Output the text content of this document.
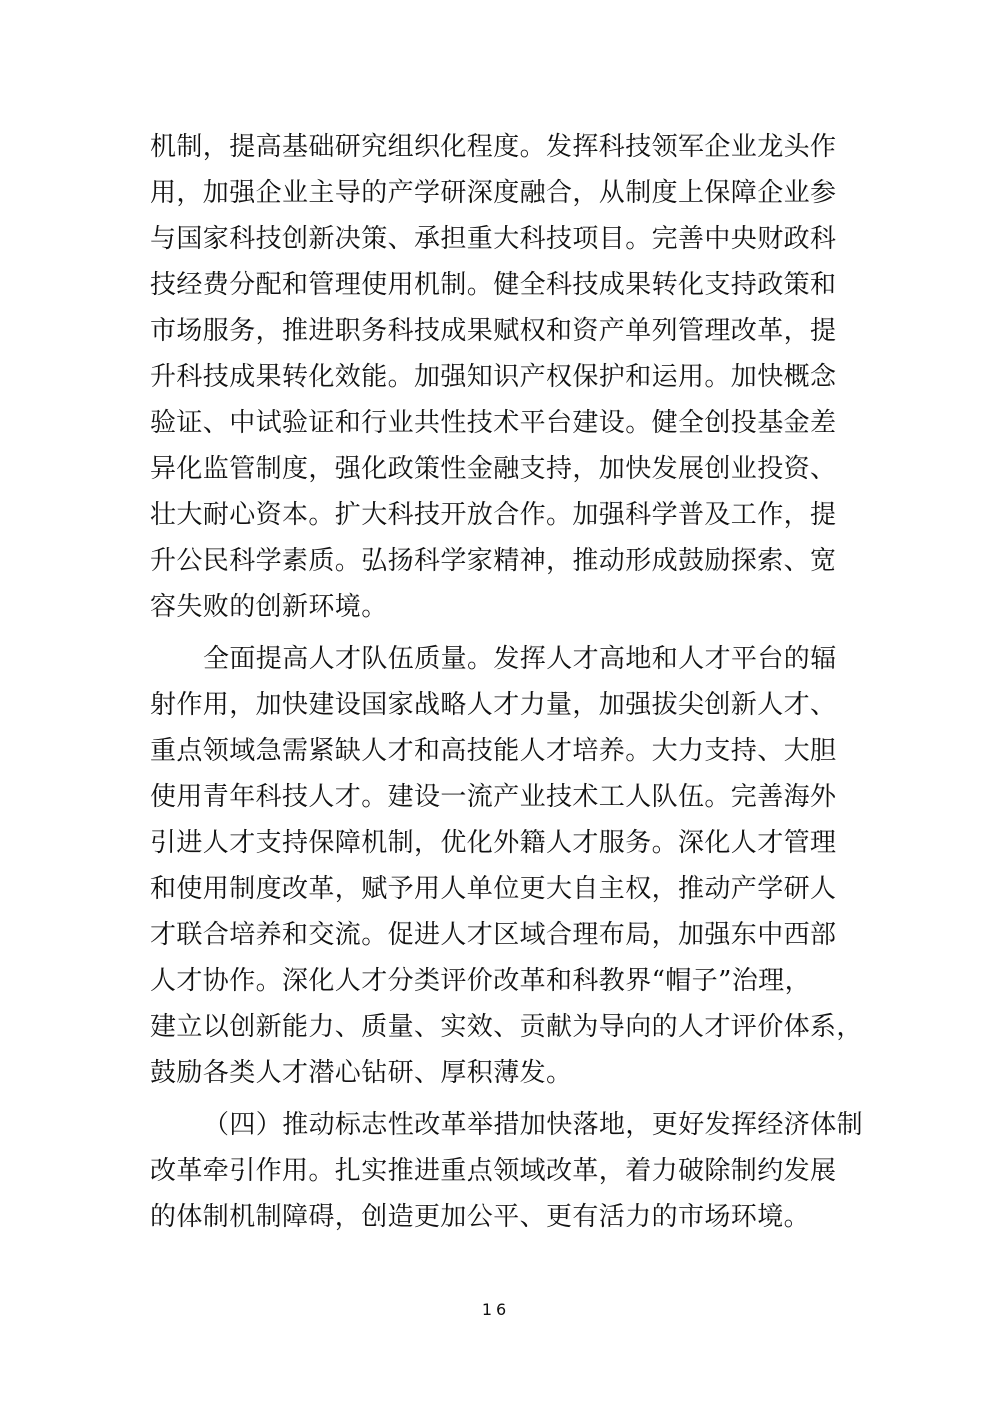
机制，提高基础研究组织化程度。发挥科技领军企业龙头作
用，加强企业主导的产学研深度融合，从制度上保障企业参
与国家科技创新决策、承担重大科技项目。完善中央财政科
技经费分配和管理使用机制。健全科技成果转化支持政策和
市场服务，推进职务科技成果赋权和资产单列管理改革，提
升科技成果转化效能。加强知识产权保护和运用。加快概念
验证、中试验证和行业共性技术平台建设。健全创投基金差
异化监管制度，强化政策性金融支持，加快发展创业投资、
壮大耐心资本。扩大科技开放合作。加强科学普及工作，提
升公民科学素质。弘扬科学家精神，推动形成鼓励探索、宽
容失败的创新环境。
全面提高人才队伍质量。发挥人才高地和人才平台的辐
射作用，加快建设国家战略人才力量，加强拔尖创新人才、
重点领域急需紧缺人才和高技能人才培养。大力支持、大胆
使用青年科技人才。建设一流产业技术工人队伍。完善海外
引进人才支持保障机制，优化外籍人才服务。深化人才管理
和使用制度改革，赋予用人单位更大自主权，推动产学研人
才联合培养和交流。促进人才区域合理布局，加强东中西部
人才协作。深化人才分类评价改革和科教界“帽子”治理，
建立以创新能力、质量、实效、贡献为导向的人才评价体系，
鼓励各类人才潜心钻研、厚积薄发。
（四）推动标志性改革举措加快落地，更好发挥经济体制
改革牵引作用。扎实推进重点领域改革，着力破除制约发展
的体制机制障碍，创造更加公平、更有活力的市场环境。
16
